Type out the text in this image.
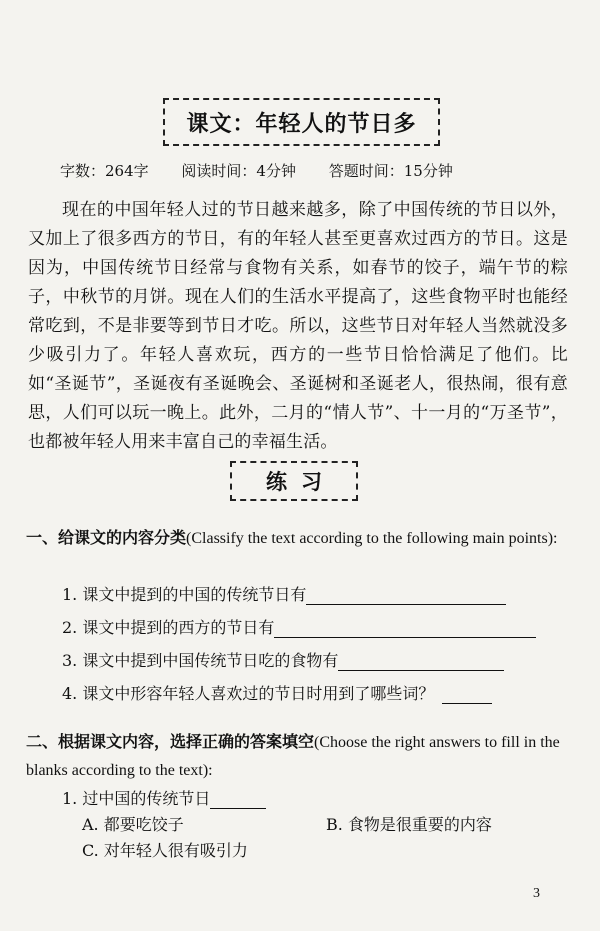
课文：年轻人的节日多
字数：264字 阅读时间：4分钟 答题时间：15分钟
现在的中国年轻人过的节日越来越多，除了中国传统的节日以外，又加上了很多西方的节日，有的年轻人甚至更喜欢过西方的节日。这是因为，中国传统节日经常与食物有关系，如春节的饺子，端午节的粽子，中秋节的月饼。现在人们的生活水平提高了，这些食物平时也能经常吃到，不是非要等到节日才吃。所以，这些节日对年轻人当然就没多少吸引力了。年轻人喜欢玩，西方的一些节日恰恰满足了他们。比如“圣诞节”，圣诞夜有圣诞晚会、圣诞树和圣诞老人，很热闹，很有意思，人们可以玩一晚上。此外，二月的“情人节”、十一月的“万圣节”，也都被年轻人用来丰富自己的幸福生活。
练习
一、给课文的内容分类(Classify the text according to the following main points):
1. 课文中提到的中国的传统节日有
2. 课文中提到的西方的节日有
3. 课文中提到中国传统节日吃的食物有
4. 课文中形容年轻人喜欢过的节日时用到了哪些词？
二、根据课文内容，选择正确的答案填空(Choose the right answers to fill in the blanks according to the text):
1. 过中国的传统节日
A. 都要吃饺子	B. 食物是很重要的内容
C. 对年轻人很有吸引力
3
